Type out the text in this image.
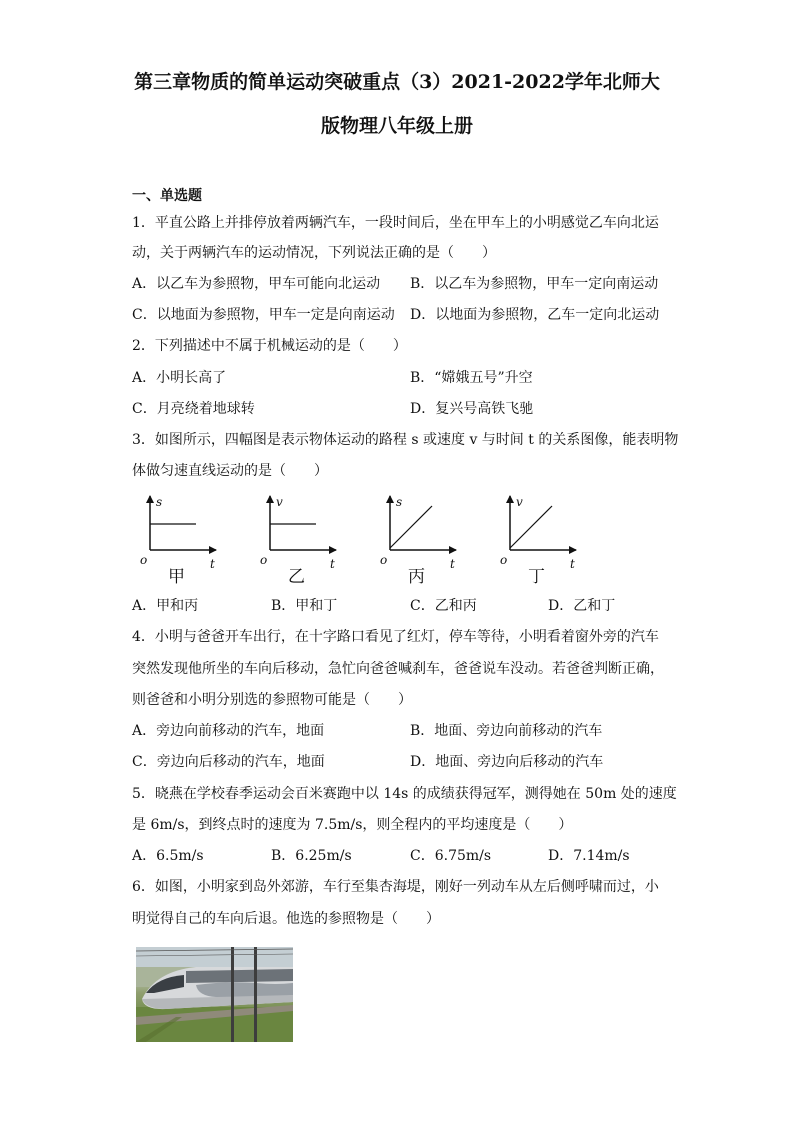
第三章物质的简单运动突破重点（3）2021-2022学年北师大
版物理八年级上册
一、单选题
1．平直公路上并排停放着两辆汽车，一段时间后，坐在甲车上的小明感觉乙车向北运
动，关于两辆汽车的运动情况，下列说法正确的是（　　）
A．以乙车为参照物，甲车可能向北运动 B．以乙车为参照物，甲车一定向南运动
C．以地面为参照物，甲车一定是向南运动 D．以地面为参照物，乙车一定向北运动
2．下列描述中不属于机械运动的是（　　）
A．小明长高了	B．“嫦娥五号”升空
C．月亮绕着地球转	D．复兴号高铁飞驰
3．如图所示，四幅图是表示物体运动的路程 s 或速度 v 与时间 t 的关系图像，能表明物
体做匀速直线运动的是（　　）
s
o	t
甲
v
o	t
乙
s
o	t
丙
v
o	t
丁
A．甲和丙	B．甲和丁	C．乙和丙	D．乙和丁
4．小明与爸爸开车出行，在十字路口看见了红灯，停车等待，小明看着窗外旁的汽车
突然发现他所坐的车向后移动，急忙向爸爸喊刹车，爸爸说车没动。若爸爸判断正确，
则爸爸和小明分别选的参照物可能是（　　）
A．旁边向前移动的汽车，地面	B．地面、旁边向前移动的汽车
C．旁边向后移动的汽车，地面	D．地面、旁边向后移动的汽车
5．晓燕在学校春季运动会百米赛跑中以 14s 的成绩获得冠军，测得她在 50m 处的速度
是 6m/s，到终点时的速度为 7.5m/s，则全程内的平均速度是（　　）
A．6.5m/s	B．6.25m/s	C．6.75m/s	D．7.14m/s
6．如图，小明家到岛外郊游，车行至集杏海堤，刚好一列动车从左后侧呼啸而过，小
明觉得自己的车向后退。他选的参照物是（　　）
